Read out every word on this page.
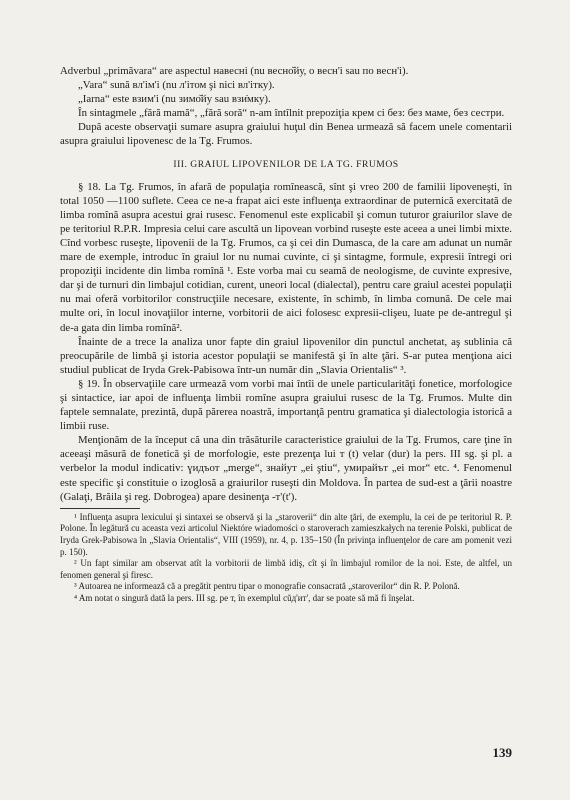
Adverbul „primăvara“ are aspectul навесні (nu весно̆йу, о весн'і sau по весн'і).

„Vara“ sună вл'ім'і (nu л'ітом şi nici вл'ітку).

„Iarna“ este взим'і (nu зимо̆йу sau взи̇мку).

În sintagmele „fără mamă“, „fără soră“ n-am întîlnit prepoziţia крем ci без: без маме, без сестри.

După aceste observaţii sumare asupra graiului huţul din Benea urmează să facem unele comentarii asupra graiului lipovenesc de la Tg. Frumos.

III. GRAIUL LIPOVENILOR DE LA TG. FRUMOS

§ 18. La Tg. Frumos, în afară de populaţia romînească, sînt şi vreo 200 de familii lipoveneşti, în total 1050 —1100 suflete. Ceea ce ne-a frapat aici este influenţa extraordinar de puternică exercitată de limba romînă asupra acestui grai rusesc. Fenomenul este explicabil şi comun tuturor graiurilor slave de pe teritoriul R.P.R. Impresia celui care ascultă un lipovean vorbind ruseşte este aceea a unei limbi mixte. Cînd vorbesc ruseşte, lipovenii de la Tg. Frumos, ca şi cei din Dumasca, de la care am adunat un număr mare de exemple, introduc în graiul lor nu numai cuvinte, ci şi sintagme, formule, expresii întregi ori propoziţii incidente din limba romînă ¹. Este vorba mai cu seamă de neologisme, de cuvinte expresive, dar şi de turnuri din limbajul cotidian, curent, uneori local (dialectal), pentru care graiul acestei populaţii nu mai oferă vorbitorilor construcţiile necesare, existente, în schimb, în limba comună. De cele mai multe ori, în locul inovaţiilor interne, vorbitorii de aici folosesc expresii-clişeu, luate pe de-antregul şi de-a gata din limba romînă².

Înainte de a trece la analiza unor fapte din graiul lipovenilor din punctul anchetat, aş sublinia că preocupările de limbă şi istoria acestor populaţii se manifestă şi în alte ţări. S-ar putea menţiona aici studiul publicat de Iryda Grek-Pabisowa într-un număr din „Slavia Orientalis“ ³.

§ 19. În observaţiile care urmează vom vorbi mai întîi de unele particularităţi fonetice, morfologice şi sintactice, iar apoi de influenţa limbii romîne asupra graiului rusesc de la Tg. Frumos. Multe din faptele semnalate, prezintă, după părerea noastră, importanţă pentru gramatica şi dialectologia istorică a limbii ruse.

Menţionăm de la început că una din trăsăturile caracteristice graiului de la Tg. Frumos, care ţine în aceeaşi măsură de fonetică şi de morfologie, este prezenţa lui т (t) velar (dur) la pers. III sg. şi pl. a verbelor la modul indicativ: ɣидъот „merge“, знайут „ei ştiu“, умирайът „ei mor“ etc. ⁴. Fenomenul este specific şi constituie o izoglosă a graiurilor ruseşti din Moldova. În partea de sud-est a ţării noastre (Galaţi, Brăila şi reg. Dobrogea) apare desinenţa -т'(t').

¹ Influenţa asupra lexicului şi sintaxei se observă şi la „staroverii“ din alte ţări, de exemplu, la cei de pe teritoriul R. P. Polone. În legătură cu aceasta vezi articolul Niektóre wiadomości o staroverach zamieszkałych na terenie Polski, publicat de Iryda Grek-Pabisowa în „Slavia Orientalis“, VIII (1959), nr. 4, p. 135–150 (În privinţa influenţelor de care am pomenit vezi p. 150).

² Un fapt similar am observat atît la vorbitorii de limbă idiş, cît şi în limbajul romilor de la noi. Este, de altfel, un fenomen general şi firesc.

³ Autoarea ne informează că a pregătit pentru tipar o monografie consacrată „staroverilor“ din R. P. Polonă.

⁴ Am notat o singură dată la pers. III sg. pe т, în exemplul сŭд'ит', dar se poate să mă fi înşelat.

139
